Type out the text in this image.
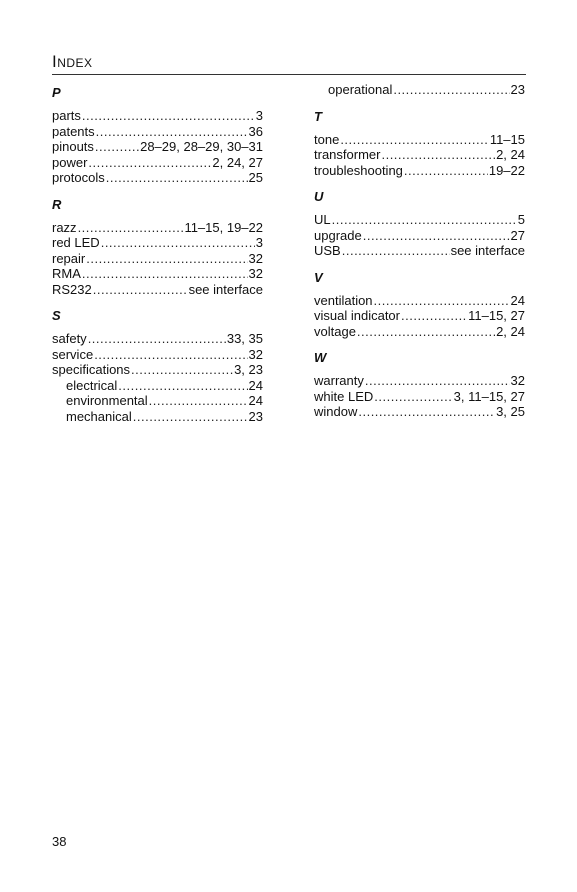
Index
P
parts .....	3
patents .....	36
pinouts .....	28–29, 28–29, 30–31
power .....	2, 24, 27
protocols .....	25
R
razz .....	11–15, 19–22
red LED .....	3
repair .....	32
RMA .....	32
RS232 .....	see interface
S
safety .....	33, 35
service .....	32
specifications .....	3, 23
electrical .....	24
environmental .....	24
mechanical .....	23
operational .....	23
T
tone .....	11–15
transformer .....	2, 24
troubleshooting .....	19–22
U
UL .....	5
upgrade .....	27
USB .....	see interface
V
ventilation .....	24
visual indicator .....	11–15, 27
voltage .....	2, 24
W
warranty .....	32
white LED .....	3, 11–15, 27
window .....	3, 25
38
